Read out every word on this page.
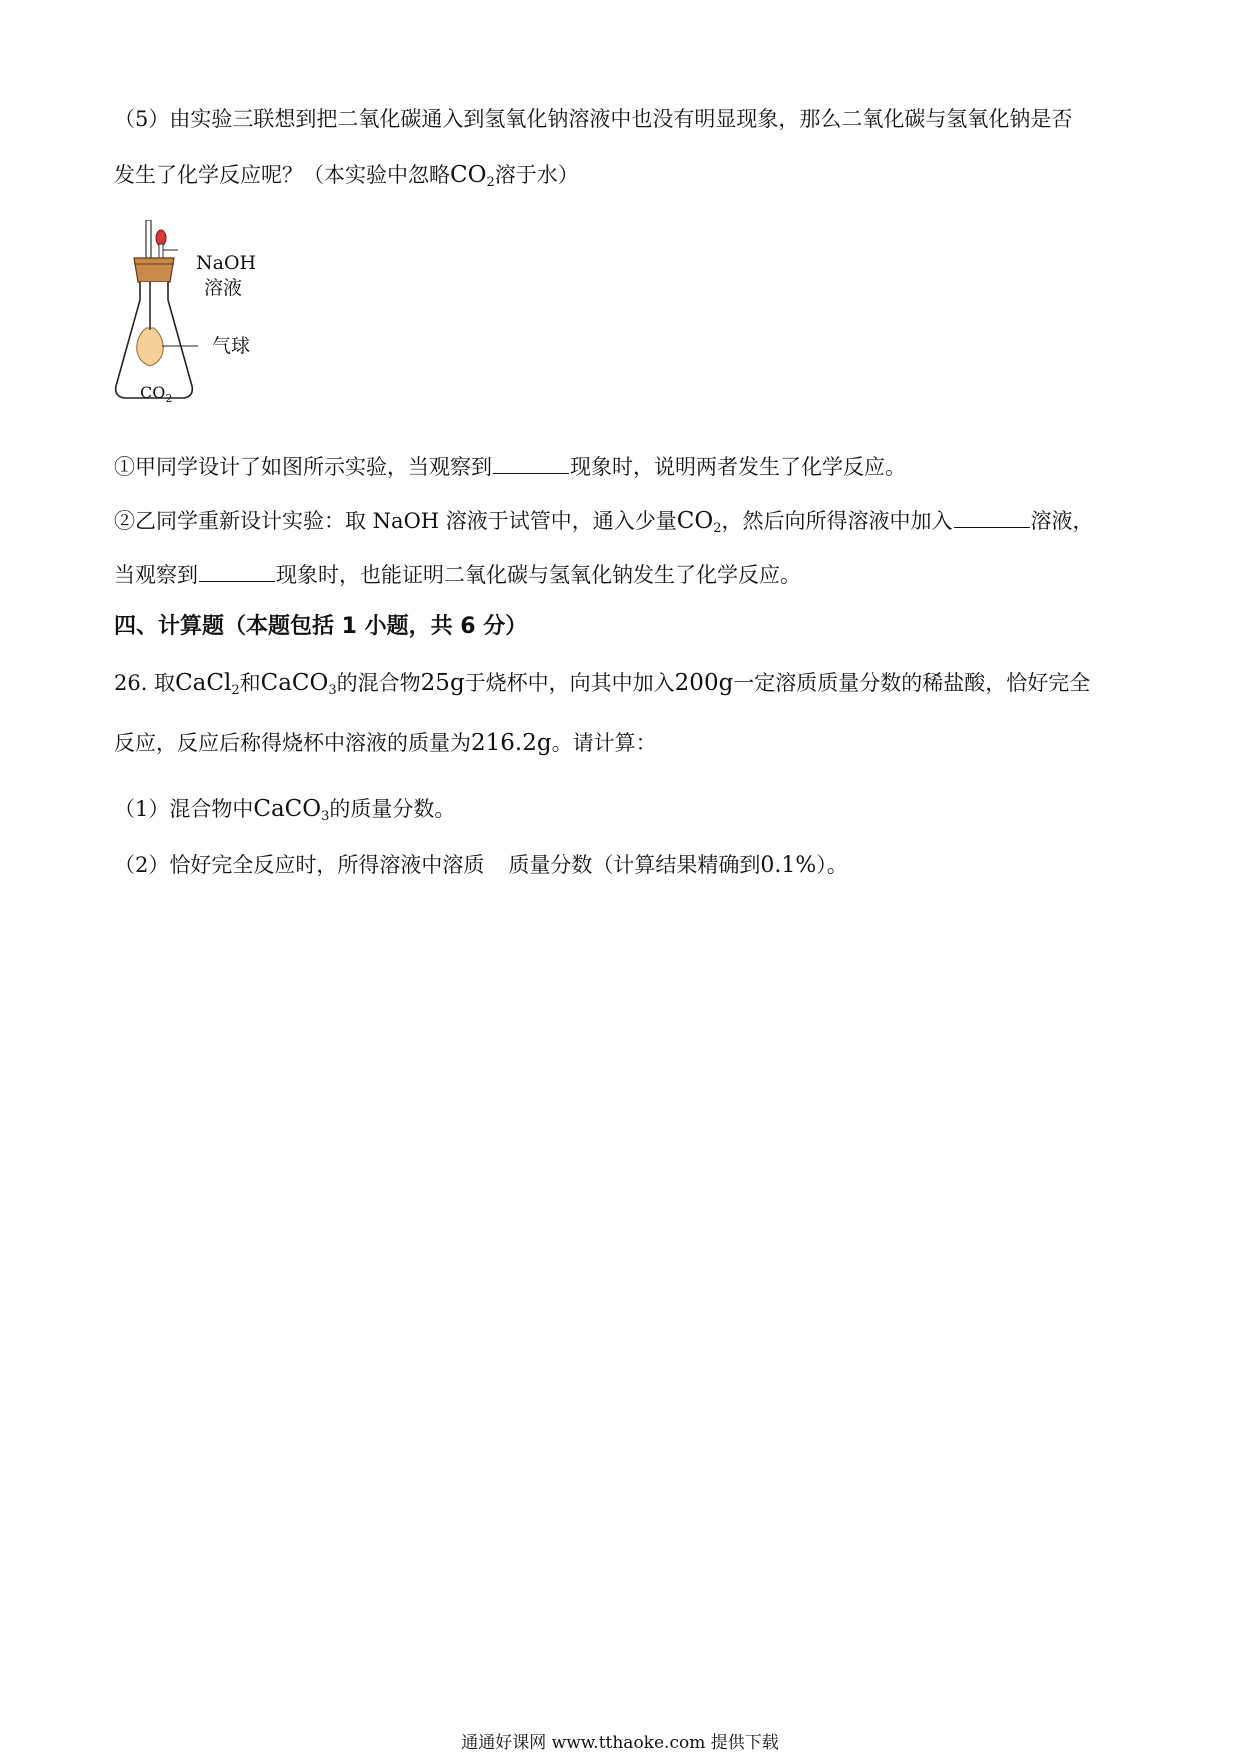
（5）由实验三联想到把二氧化碳通入到氢氧化钠溶液中也没有明显现象，那么二氧化碳与氢氧化钠是否
发生了化学反应呢？（本实验中忽略$CO_2$溶于水）
NaOH
溶液
气球
$CO_2$
①甲同学设计了如图所示实验，当观察到	现象时，说明两者发生了化学反应。
②乙同学重新设计实验：取 NaOH 溶液于试管中，通入少量$CO_2$，然后向所得溶液中加入	溶液，
当观察到	现象时，也能证明二氧化碳与氢氧化钠发生了化学反应。
四、计算题（本题包括 1 小题，共 6 分）
26. 取CaCl$_2$和CaCO$_3$的混合物25g于烧杯中，向其中加入200g一定溶质质量分数的稀盐酸，恰好完全
反应，反应后称得烧杯中溶液的质量为216.2g。请计算：
（1）混合物中CaCO$_3$的质量分数。
（2）恰好完全反应时，所得溶液中溶质 质量分数（计算结果精确到0.1%）。
通通好课网 www.tthaoke.com 提供下载
